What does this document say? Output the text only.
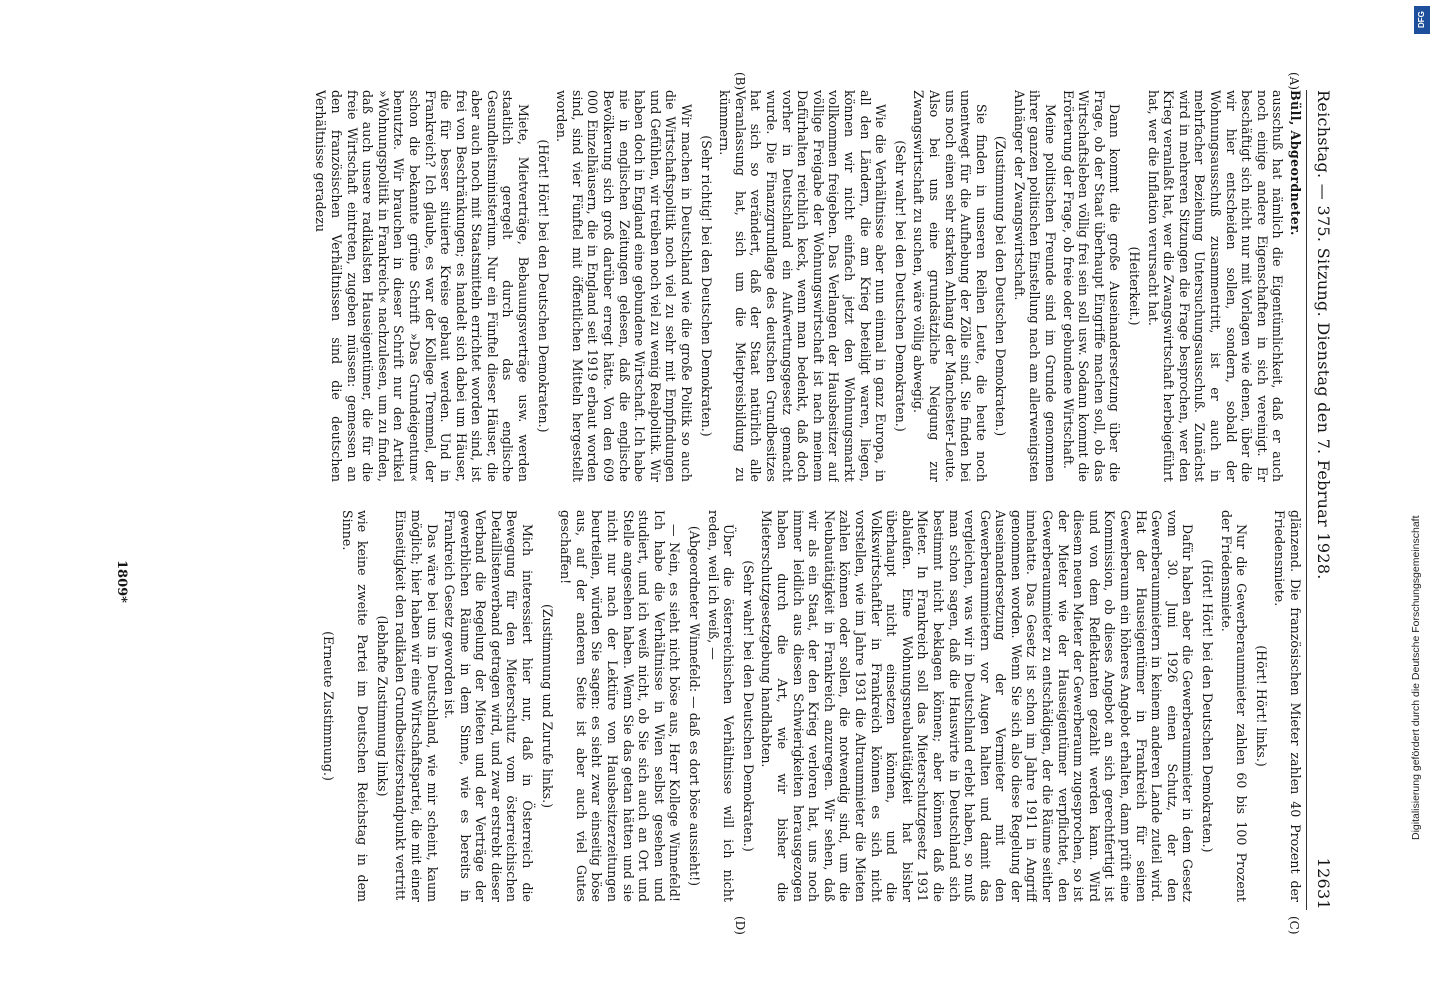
Reichstag. — 375. Sitzung. Dienstag den 7. Februar 1928.
12631
(A)
(B)
(C)
(D)

Büll, Abgeordneter.

ausschuß hat nämlich die Eigentümlichkeit, daß er auch noch einige andere Eigenschaften in sich vereinigt. Er beschäftigt sich nicht nur mit Vorlagen wie denen, über die wir hier entscheiden sollen, sondern, sobald der Wohnungsausschuß zusammentritt, ist er auch in mehrfacher Beziehung Untersuchungsausschuß. Zunächst wird in mehreren Sitzungen die Frage besprochen, wer den Krieg veranlaßt hat, wer die Zwangswirtschaft herbeigeführt hat, wer die Inflation verursacht hat.

(Heiterkeit.)

Dann kommt die große Auseinandersetzung über die Frage, ob der Staat überhaupt Eingriffe machen soll, ob das Wirtschaftsleben völlig frei sein soll usw. Sodann kommt die Erörterung der Frage, ob freie oder gebundene Wirtschaft.

Meine politischen Freunde sind im Grunde genommen ihrer ganzen politischen Einstellung nach am allerwenigsten Anhänger der Zwangswirtschaft.

(Zustimmung bei den Deutschen Demokraten.)

Sie finden in unseren Reihen Leute, die heute noch unentwegt für die Aufhebung der Zölle sind. Sie finden bei uns noch einen sehr starken Anhang der Manchester-Leute. Also bei uns eine grundsätzliche Neigung zur Zwangswirtschaft zu suchen, wäre völlig abwegig.

(Sehr wahr! bei den Deutschen Demokraten.)

Wie die Verhältnisse aber nun einmal in ganz Europa, in all den Ländern, die am Krieg beteiligt waren, liegen, können wir nicht einfach jetzt den Wohnungsmarkt vollkommen freigeben. Das Verlangen der Hausbesitzer auf völlige Freigabe der Wohnungswirtschaft ist nach meinem Dafürhalten reichlich keck, wenn man bedenkt, daß doch vorher in Deutschland ein Aufwertungsgesetz gemacht wurde. Die Finanzgrundlage des deutschen Grundbesitzes hat sich so verändert, daß der Staat natürlich alle Veranlassung hat, sich um die Mietpreisbildung zu kümmern.

(Sehr richtig! bei den Deutschen Demokraten.)

Wir machen in Deutschland wie die große Politik so auch die Wirtschaftspolitik noch viel zu sehr mit Empfindungen und Gefühlen, wir treiben noch viel zu wenig Realpolitik. Wir haben doch in England eine gebundene Wirtschaft. Ich habe nie in englischen Zeitungen gelesen, daß die englische Bevölkerung sich groß darüber erregt hätte. Von den 609 000 Einzelhäusern, die in England seit 1919 erbaut worden sind, sind vier Fünftel mit öffentlichen Mitteln hergestellt worden.

(Hört! Hört! bei den Deutschen Demokraten.)

Miete, Mietverträge, Bebauungsverträge usw. werden staatlich geregelt durch das englische Gesundheitsministerium. Nur ein Fünftel dieser Häuser, die aber auch noch mit Staatsmitteln errichtet worden sind, ist frei von Beschränkungen; es handelt sich dabei um Häuser, die für besser situierte Kreise gebaut werden. Und in Frankreich? Ich glaube, es war der Kollege Tremmel, der schon die bekannte grüne Schrift »Das Grundeigentum« benutzte. Wir brauchen in dieser Schrift nur den Artikel »Wohnungspolitik in Frankreich« nachzulesen, um zu finden, daß auch unsere radikalsten Hauseigentümer, die für die freie Wirtschaft eintreten, zugeben müssen: gemessen an den französischen Verhältnissen sind die deutschen Verhältnisse geradezu

glänzend. Die französischen Mieter zahlen 40 Prozent der Friedensmiete.

(Hört! Hört! links.)

Nur die Gewerberaummieter zahlen 60 bis 100 Prozent der Friedensmiete.

(Hört! Hört! bei den Deutschen Demokraten.)

Dafür haben aber die Gewerberaummieter in dem Gesetz vom 30. Juni 1926 einen Schutz, der den Gewerberaummietern in keinem anderen Lande zuteil wird. Hat der Hauseigentümer in Frankreich für seinen Gewerberaum ein höheres Angebot erhalten, dann prüft eine Kommission, ob dieses Angebot an sich gerechtfertigt ist und von dem Reflektanten gezahlt werden kann. Wird diesem neuen Mieter der Gewerberaum zugesprochen, so ist der Mieter wie der Hauseigentümer verpflichtet, den Gewerberaummieter zu entschädigen, der die Räume seither innehatte. Das Gesetz ist schon im Jahre 1911 in Angriff genommen worden. Wenn Sie sich also diese Regelung der Auseinandersetzung der Vermieter mit den Gewerberaummietern vor Augen halten und damit das vergleichen, was wir in Deutschland erlebt haben, so muß man schon sagen, daß die Hauswirte in Deutschland sich bestimmt nicht beklagen können; aber können daß die Mieter. In Frankreich soll das Mieterschutzgesetz 1931 ablaufen. Eine Wohnungsneubautätigkeit hat bisher überhaupt nicht einsetzen können, und die Volkswirtschaftler in Frankreich können es sich nicht vorstellen, wie im Jahre 1931 die Altraummieter die Mieten zahlen können oder sollen, die notwendig sind, um die Neubautätigkeit in Frankreich anzuregen. Wir sehen, daß wir als ein Staat, der den Krieg verloren hat, uns noch immer leidlich aus diesen Schwierigkeiten herausgezogen haben durch die Art, wie wir bisher die Mieterschutzgesetzgebung handhabten.

(Sehr wahr! bei den Deutschen Demokraten.)

Über die österreichischen Verhältnisse will ich nicht reden, weil ich weiß, —

(Abgeordneter Winnefeld: — daß es dort böse aussieht!)

— Nein, es sieht nicht böse aus, Herr Kollege Winnefeld! Ich habe die Verhältnisse in Wien selbst gesehen und studiert, und ich weiß nicht, ob Sie sich auch an Ort und Stelle angesehen haben. Wenn Sie das getan hätten und sie nicht nur nach der Lektüre von Hausbesitzerzeitungen beurteilen, würden Sie sagen: es sieht zwar einseitig böse aus, auf der anderen Seite ist aber auch viel Gutes geschaffen!

(Zustimmung und Zurufe links.)

Mich interessiert hier nur, daß in Österreich die Bewegung für den Mieterschutz vom österreichischen Detaillistenverband getragen wird, und zwar erstrebt dieser Verband die Regelung der Mieten und der Verträge der gewerblichen Räume in dem Sinne, wie es bereits in Frankreich Gesetz geworden ist.

Das wäre bei uns in Deutschland, wie mir scheint, kaum möglich; hier haben wir eine Wirtschaftspartei, die mit einer Einseitigkeit den radikalen Grundbesitzerstandpunkt vertritt

(lebhafte Zustimmung links)

wie keine zweite Partei im Deutschen Reichstag in dem Sinne.

(Erneute Zustimmung.)

1809*
DFG
Digitalisierung gefördert durch die Deutsche Forschungsgemeinschaft
